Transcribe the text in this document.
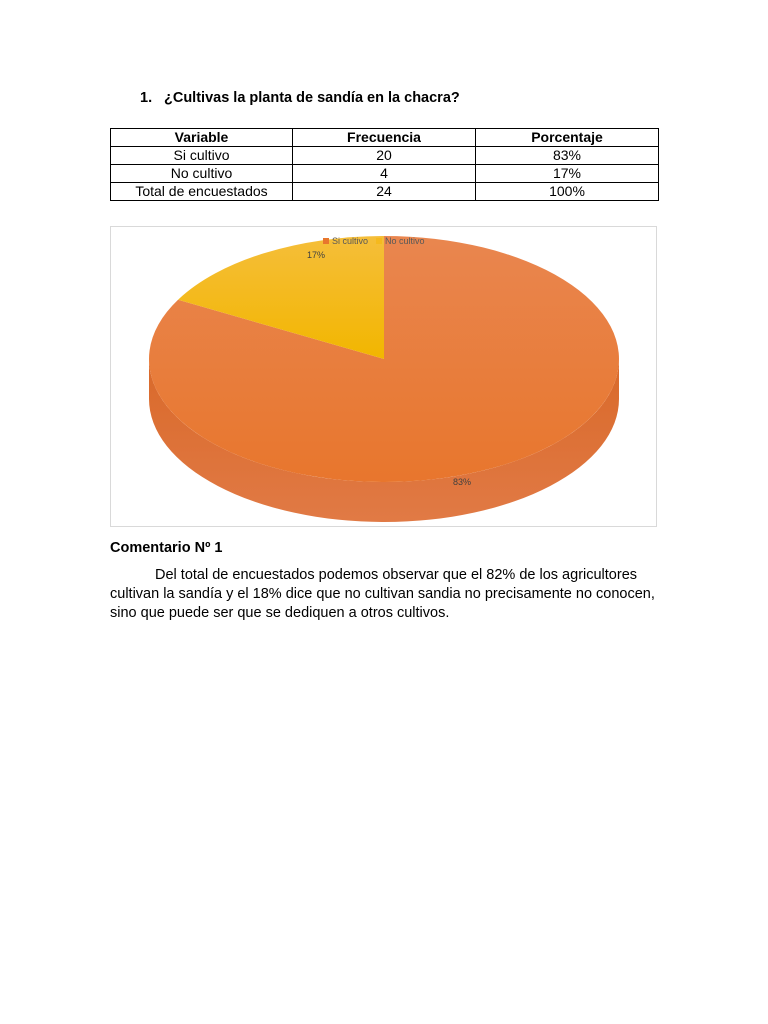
1. ¿Cultivas la planta de sandía en la chacra?
Variable	Frecuencia	Porcentaje
Si cultivo	20	83%
No cultivo	4	17%
Total de encuestados	24	100%
Si cultivo No cultivo
17%
83%
Comentario Nº 1

Del total de encuestados podemos observar que el 82% de los agricultores cultivan la sandía y el 18% dice que no cultivan sandia no precisamente no conocen, sino que puede ser que se dediquen a otros cultivos.
